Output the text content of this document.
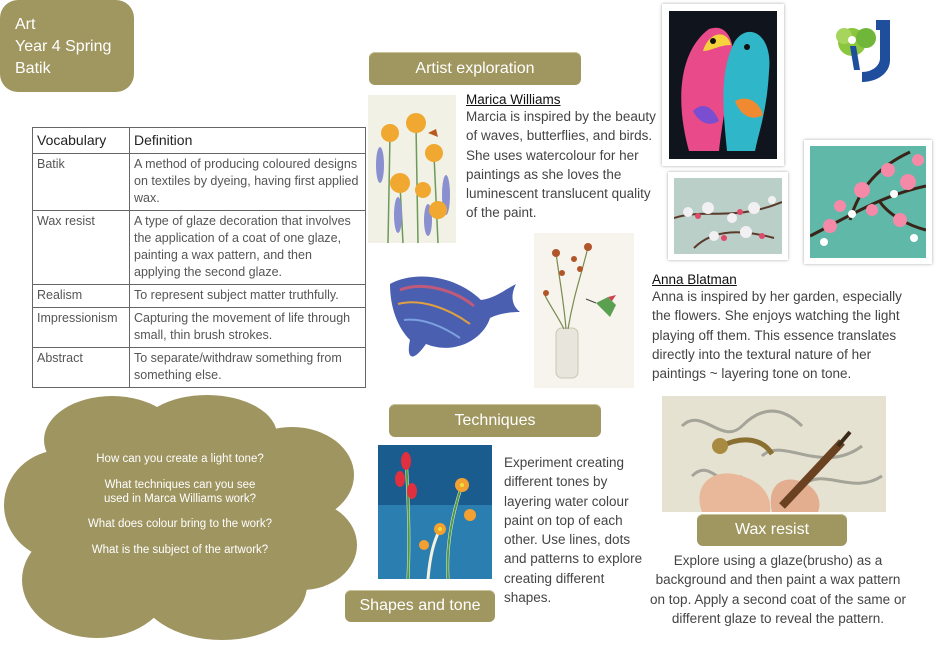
Art
Year 4 Spring
Batik
Vocabulary	Definition
Batik	A method of producing coloured designs on textiles by dyeing, having first applied wax.
Wax resist	A type of glaze decoration that involves the application of a coat of one glaze, painting a wax pattern, and then applying the second glaze.
Realism	To represent subject matter truthfully.
Impressionism	Capturing the movement of life through small, thin brush strokes.
Abstract	To separate/withdraw something from something else.
How can you create a light tone?
What techniques can you see used in Marca Williams work?
What does colour bring to the work?
What is the subject of the artwork?
Artist exploration
Marica Williams
Marcia is inspired by the beauty of waves, butterflies, and birds. She uses watercolour for her paintings as she loves the luminescent translucent quality of the paint.
Anna Blatman
Anna is inspired by her garden, especially the flowers. She enjoys watching the light playing off them. This essence translates directly into the textural nature of her paintings ~ layering tone on tone.
Techniques
Experiment creating different tones by layering water colour paint on top of each other. Use lines, dots and patterns to explore creating different shapes.
Shapes and tone
Wax resist
Explore using a glaze(brusho) as a background and then paint a wax pattern on top. Apply a second coat of the same or different glaze to reveal the pattern.
